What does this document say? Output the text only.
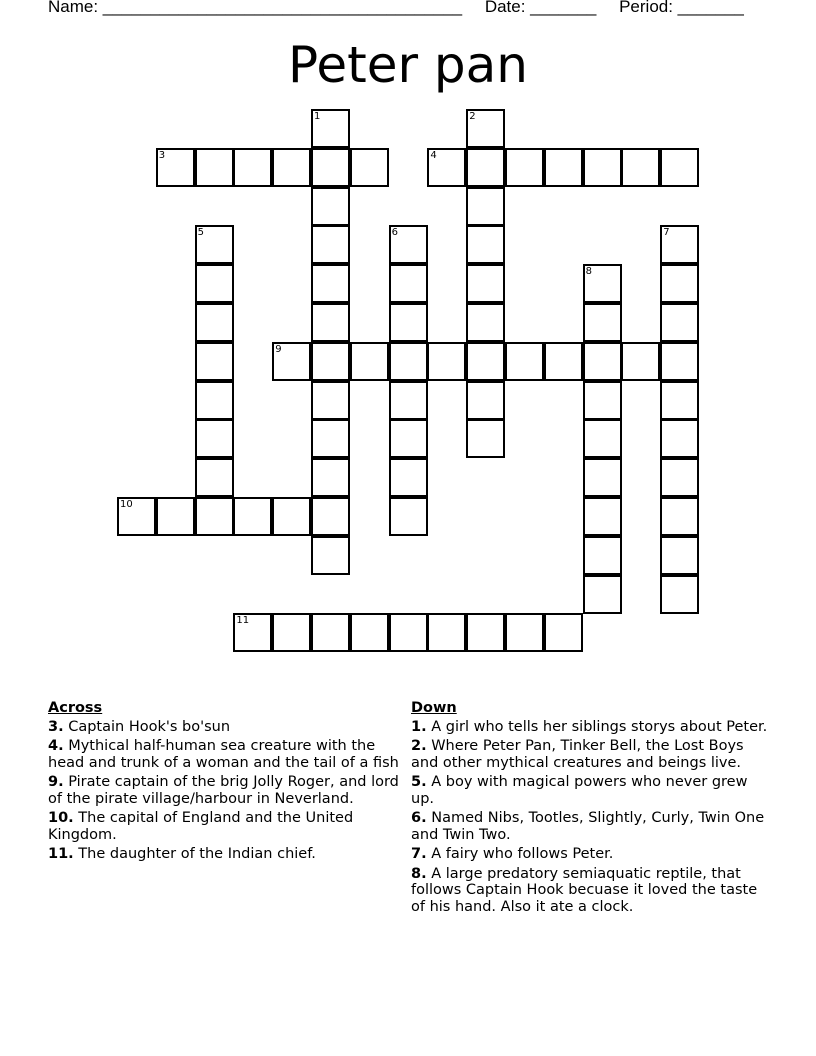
Name: ______________________________________ Date: _______ Period: _______
Peter pan
1	2
3	4
5	6	7
8
9
10
11
Across
3. Captain Hook's bo'sun
4. Mythical half-human sea creature with the head and trunk of a woman and the tail of a fish
9. Pirate captain of the brig Jolly Roger, and lord of the pirate village/harbour in Neverland.
10. The capital of England and the United Kingdom.
11. The daughter of the Indian chief.
Down
1. A girl who tells her siblings storys about Peter.
2. Where Peter Pan, Tinker Bell, the Lost Boys and other mythical creatures and beings live.
5. A boy with magical powers who never grew up.
6. Named Nibs, Tootles, Slightly, Curly, Twin One and Twin Two.
7. A fairy who follows Peter.
8. A large predatory semiaquatic reptile, that follows Captain Hook becuase it loved the taste of his hand. Also it ate a clock.
